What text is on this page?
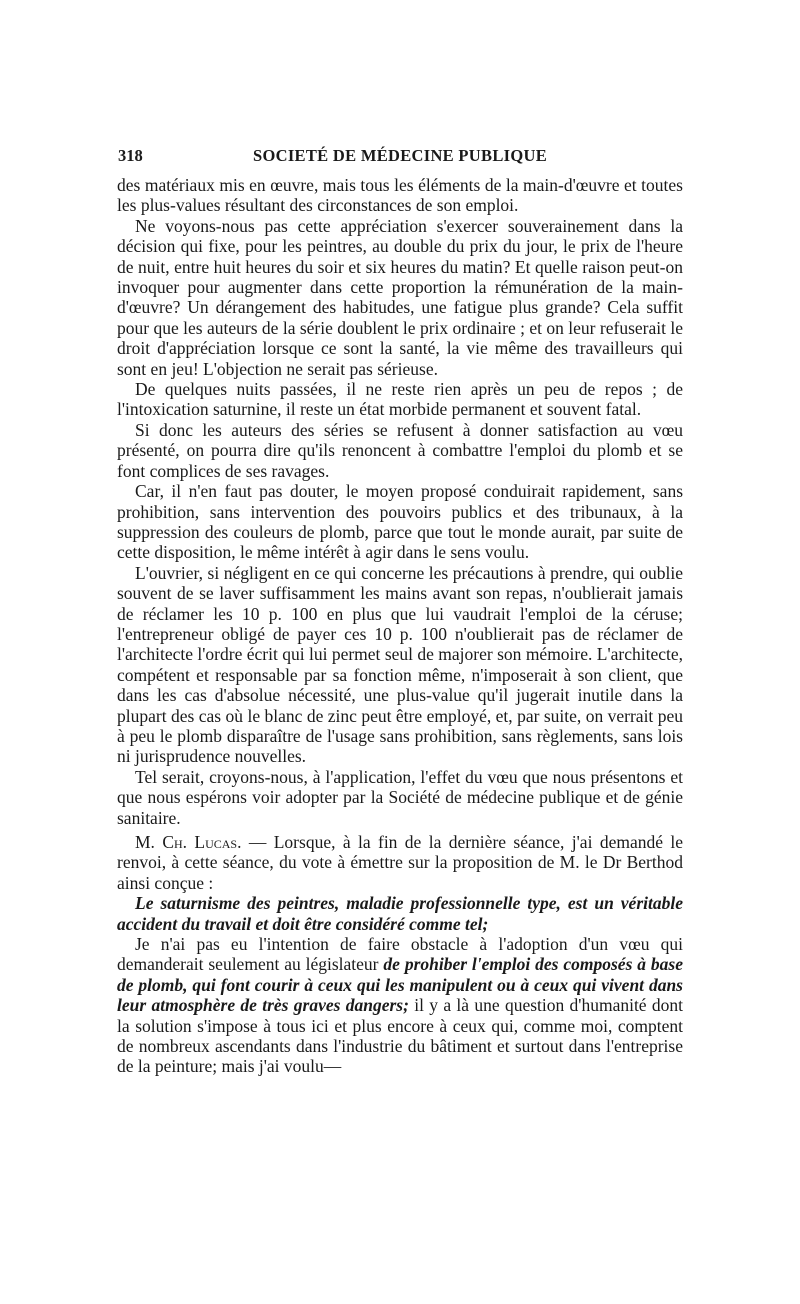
318	SOCIETÉ DE MÉDECINE PUBLIQUE

des matériaux mis en œuvre, mais tous les éléments de la main-d'œuvre et toutes les plus-values résultant des circonstances de son emploi.

Ne voyons-nous pas cette appréciation s'exercer souverainement dans la décision qui fixe, pour les peintres, au double du prix du jour, le prix de l'heure de nuit, entre huit heures du soir et six heures du matin? Et quelle raison peut-on invoquer pour augmenter dans cette proportion la rémunération de la main-d'œuvre? Un dérangement des habitudes, une fatigue plus grande? Cela suffit pour que les auteurs de la série doublent le prix ordinaire ; et on leur refuserait le droit d'appréciation lorsque ce sont la santé, la vie même des travailleurs qui sont en jeu! L'objection ne serait pas sérieuse.

De quelques nuits passées, il ne reste rien après un peu de repos ; de l'intoxication saturnine, il reste un état morbide permanent et souvent fatal.

Si donc les auteurs des séries se refusent à donner satisfaction au vœu présenté, on pourra dire qu'ils renoncent à combattre l'emploi du plomb et se font complices de ses ravages.

Car, il n'en faut pas douter, le moyen proposé conduirait rapidement, sans prohibition, sans intervention des pouvoirs publics et des tribunaux, à la suppression des couleurs de plomb, parce que tout le monde aurait, par suite de cette disposition, le même intérêt à agir dans le sens voulu.

L'ouvrier, si négligent en ce qui concerne les précautions à prendre, qui oublie souvent de se laver suffisamment les mains avant son repas, n'oublierait jamais de réclamer les 10 p. 100 en plus que lui vaudrait l'emploi de la céruse; l'entrepreneur obligé de payer ces 10 p. 100 n'oublierait pas de réclamer de l'architecte l'ordre écrit qui lui permet seul de majorer son mémoire. L'architecte, compétent et responsable par sa fonction même, n'imposerait à son client, que dans les cas d'absolue nécessité, une plus-value qu'il jugerait inutile dans la plupart des cas où le blanc de zinc peut être employé, et, par suite, on verrait peu à peu le plomb disparaître de l'usage sans prohibition, sans règlements, sans lois ni jurisprudence nouvelles.

Tel serait, croyons-nous, à l'application, l'effet du vœu que nous présentons et que nous espérons voir adopter par la Société de médecine publique et de génie sanitaire.

M. Ch. Lucas. — Lorsque, à la fin de la dernière séance, j'ai demandé le renvoi, à cette séance, du vote à émettre sur la proposition de M. le Dr Berthod ainsi conçue :

Le saturnisme des peintres, maladie professionnelle type, est un véritable accident du travail et doit être considéré comme tel;

Je n'ai pas eu l'intention de faire obstacle à l'adoption d'un vœu qui demanderait seulement au législateur de prohiber l'emploi des composés à base de plomb, qui font courir à ceux qui les manipulent ou à ceux qui vivent dans leur atmosphère de très graves dangers; il y a là une question d'humanité dont la solution s'impose à tous ici et plus encore à ceux qui, comme moi, comptent de nombreux ascendants dans l'industrie du bâtiment et surtout dans l'entreprise de la peinture; mais j'ai voulu—
